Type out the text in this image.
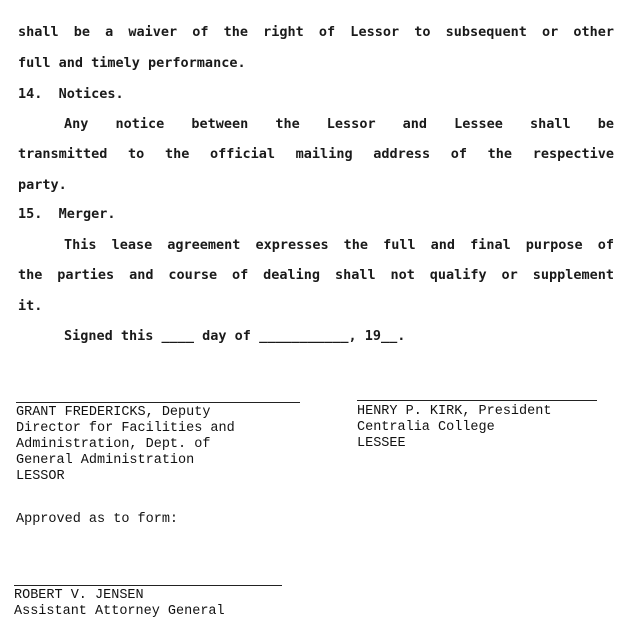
shall be a waiver of the right of Lessor to subsequent or other
full and timely performance.
14.  Notices.
Any notice between the Lessor and Lessee shall be
transmitted to the official mailing address of the respective
party.
15.  Merger.
This lease agreement expresses the full and final purpose of
the parties and course of dealing shall not qualify or supplement
it.
Signed this ____ day of ___________, 19__.
GRANT FREDERICKS, Deputy
Director for Facilities and
Administration, Dept. of
General Administration
LESSOR
HENRY P. KIRK, President
Centralia College
LESSEE
Approved as to form:
ROBERT V. JENSEN
Assistant Attorney General
